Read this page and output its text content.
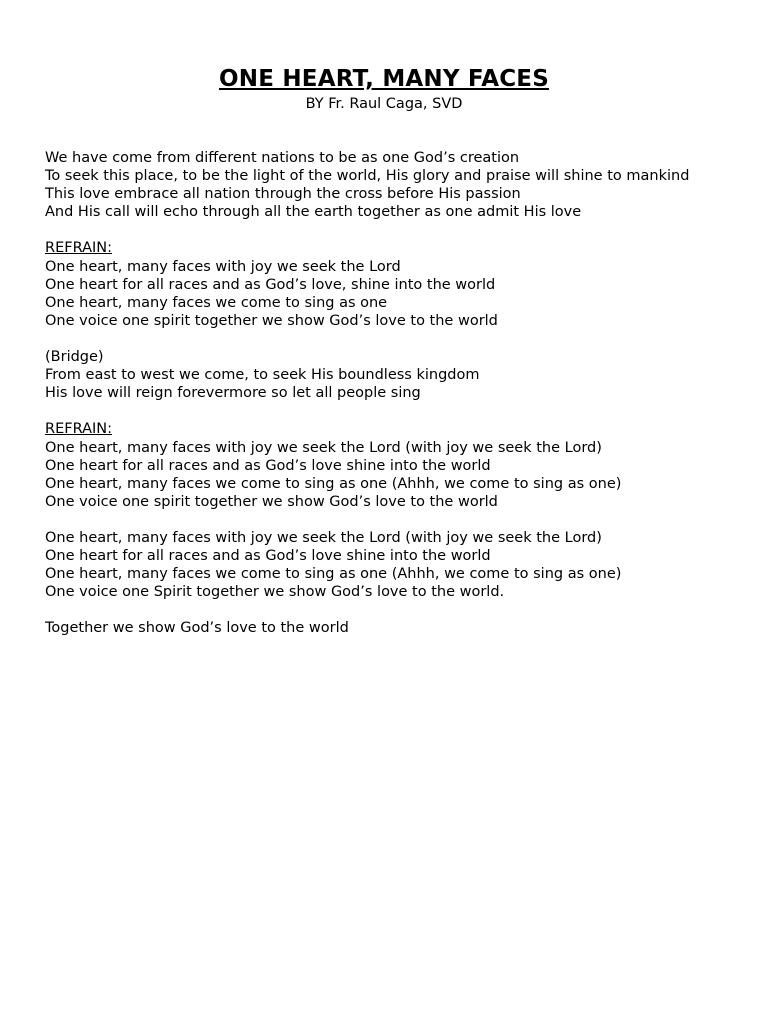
ONE HEART, MANY FACES
BY Fr. Raul Caga, SVD
We have come from different nations to be as one God’s creation
To seek this place, to be the light of the world, His glory and praise will shine to mankind
This love embrace all nation through the cross before His passion
And His call will echo through all the earth together as one admit His love
REFRAIN:
One heart, many faces with joy we seek the Lord
One heart for all races and as God’s love, shine into the world
One heart, many faces we come to sing as one
One voice one spirit together we show God’s love to the world
(Bridge)
From east to west we come, to seek His boundless kingdom
His love will reign forevermore so let all people sing
REFRAIN:
One heart, many faces with joy we seek the Lord (with joy we seek the Lord)
One heart for all races and as God’s love shine into the world
One heart, many faces we come to sing as one (Ahhh, we come to sing as one)
One voice one spirit together we show God’s love to the world
One heart, many faces with joy we seek the Lord (with joy we seek the Lord)
One heart for all races and as God’s love shine into the world
One heart, many faces we come to sing as one (Ahhh, we come to sing as one)
One voice one Spirit together we show God’s love to the world.
Together we show God’s love to the world
